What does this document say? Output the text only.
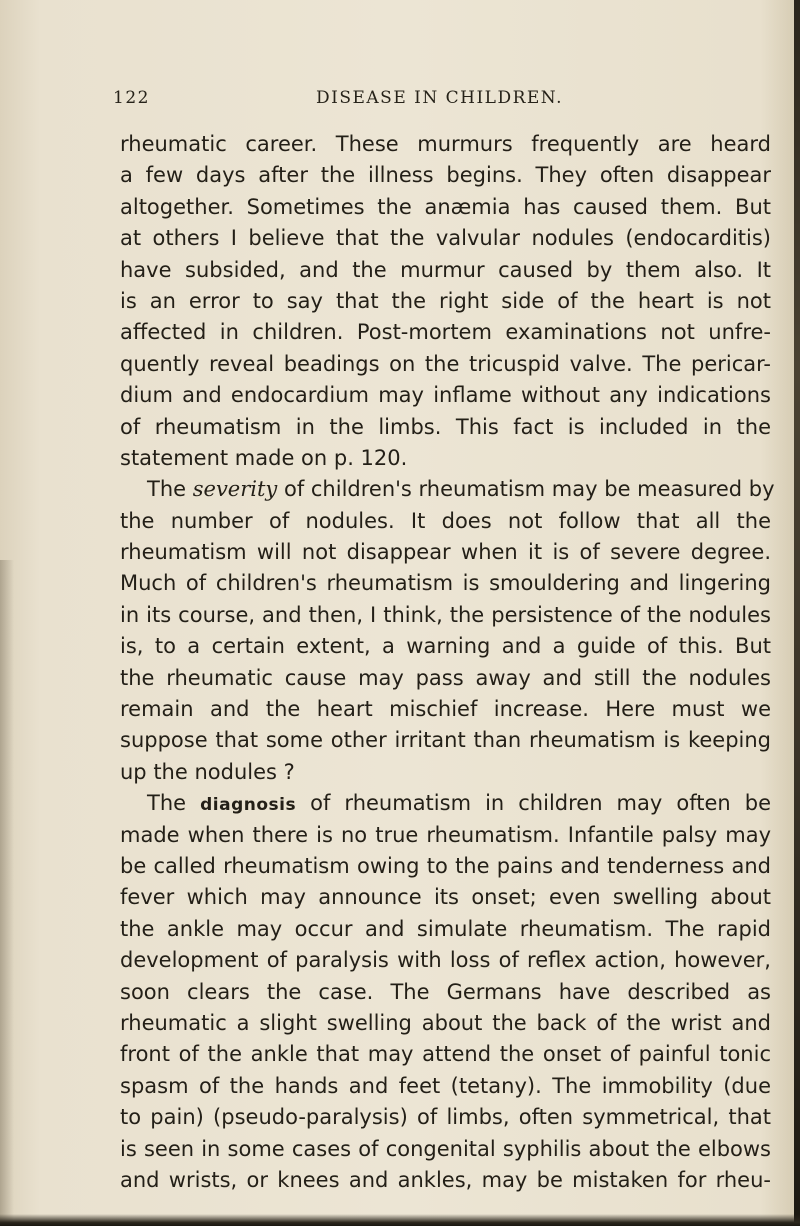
122	DISEASE IN CHILDREN.
rheumatic career. These murmurs frequently are heard
a few days after the illness begins. They often disappear
altogether. Sometimes the anæmia has caused them. But
at others I believe that the valvular nodules (endocarditis)
have subsided, and the murmur caused by them also. It
is an error to say that the right side of the heart is not
affected in children. Post-mortem examinations not unfre-
quently reveal beadings on the tricuspid valve. The pericar-
dium and endocardium may inflame without any indications
of rheumatism in the limbs. This fact is included in the
statement made on p. 120.
The severity of children's rheumatism may be measured by
the number of nodules. It does not follow that all the
rheumatism will not disappear when it is of severe degree.
Much of children's rheumatism is smouldering and lingering
in its course, and then, I think, the persistence of the nodules
is, to a certain extent, a warning and a guide of this. But
the rheumatic cause may pass away and still the nodules
remain and the heart mischief increase. Here must we
suppose that some other irritant than rheumatism is keeping
up the nodules ?
The diagnosis of rheumatism in children may often be
made when there is no true rheumatism. Infantile palsy may
be called rheumatism owing to the pains and tenderness and
fever which may announce its onset; even swelling about
the ankle may occur and simulate rheumatism. The rapid
development of paralysis with loss of reflex action, however,
soon clears the case. The Germans have described as
rheumatic a slight swelling about the back of the wrist and
front of the ankle that may attend the onset of painful tonic
spasm of the hands and feet (tetany). The immobility (due
to pain) (pseudo-paralysis) of limbs, often symmetrical, that
is seen in some cases of congenital syphilis about the elbows
and wrists, or knees and ankles, may be mistaken for rheu-
